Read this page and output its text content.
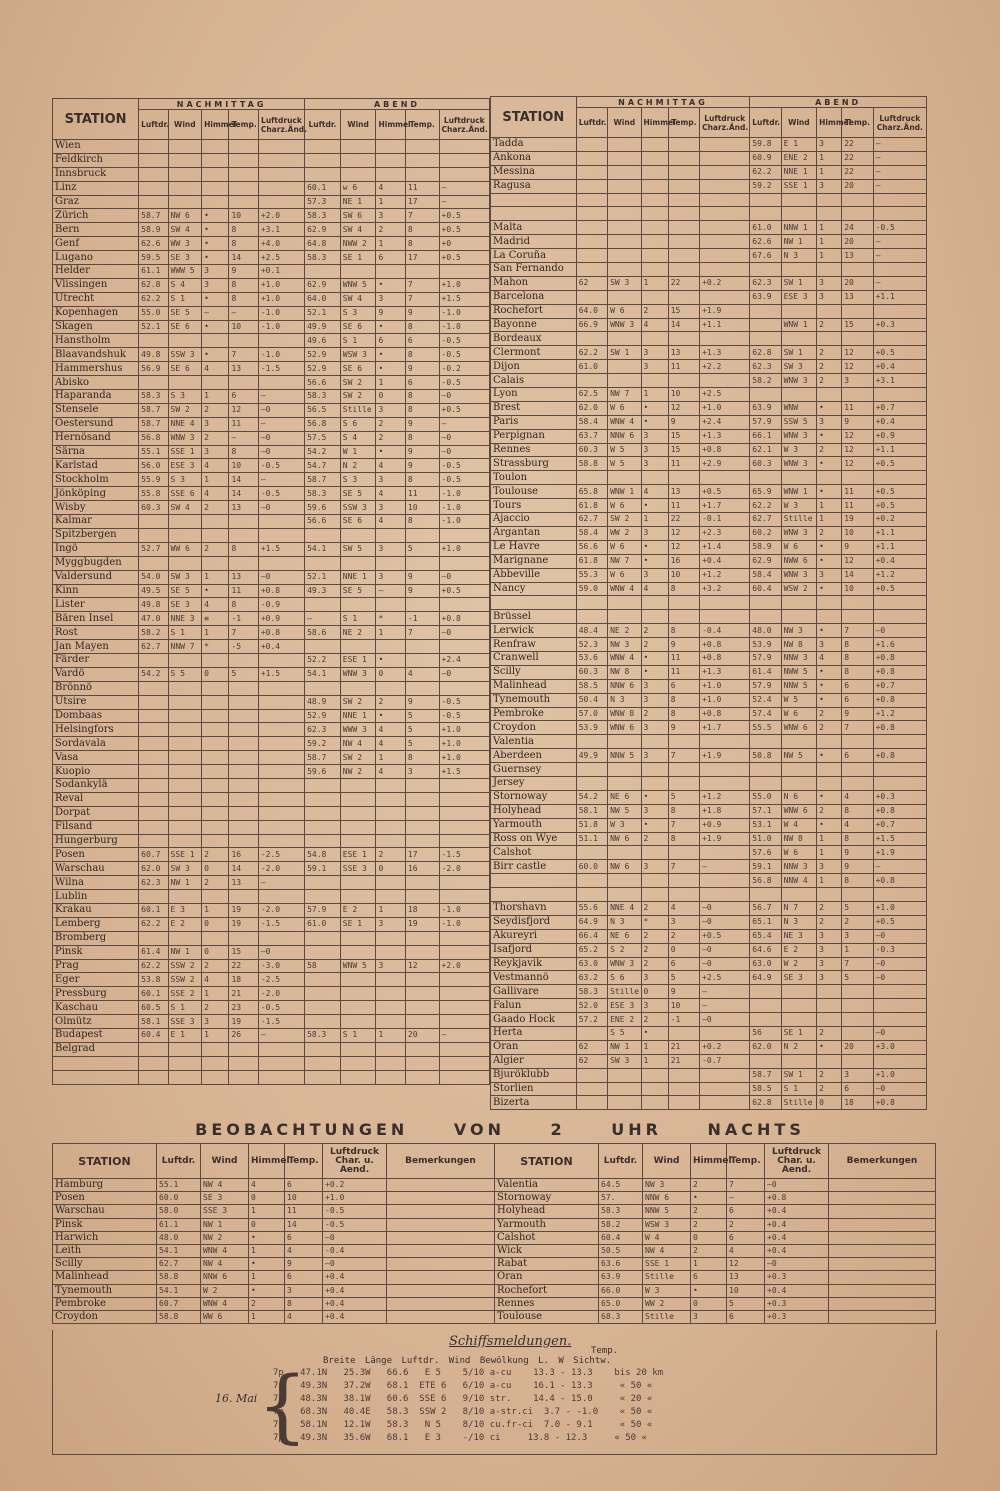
STATION	NACHMITTAG					ABEND				
	Luftdr.	Wind	Himmel	Temp.	Luftdruck Charz.Änd.	Luftdr.	Wind	Himmel	Temp.	Luftdruck Charz.Änd.
Wien										
Feldkirch										
Innsbruck										
Linz						60.1	w 6	4	11	—
Graz						57.3	NE 1	1	17	—
Zürich	58.7	NW 6	•	10	+2.0	58.3	SW 6	3	7	+0.5
Bern	58.9	SW 4	•	8	+3.1	62.9	SW 4	2	8	+0.5
Genf	62.6	WW 3	•	8	+4.0	64.8	NWW 2	1	8	+0
Lugano	59.5	SE 3	•	14	+2.5	58.3	SE 1	6	17	+0.5
Helder	61.1	WWW 5	3	9	+0.1					
Vlissingen	62.8	S 4	3	8	+1.0	62.9	WNW 5	•	7	+1.0
Utrecht	62.2	S 1	•	8	+1.0	64.0	SW 4	3	7	+1.5
Kopenhagen	55.0	SE 5	—	—	-1.0	52.1	S 3	9	9	-1.0
Skagen	52.1	SE 6	•	10	-1.0	49.9	SE 6	•	8	-1.0
Hanstholm						49.6	S 1	6	6	-0.5
Blaavandshuk	49.8	SSW 3	•	7	-1.0	52.9	WSW 3	•	8	-0.5
Hammershus	56.9	SE 6	4	13	-1.5	52.9	SE 6	•	9	-0.2
Abisko						56.6	SW 2	1	6	-0.5
Haparanda	58.3	S 3	1	6	—	58.3	SW 2	0	8	—0
Stensele	58.7	SW 2	2	12	—0	56.5	Stille	3	8	+0.5
Oestersund	58.7	NNE 4	3	11	—	56.8	S 6	2	9	—
Hernösand	56.8	WNW 3	2	—	—0	57.5	S 4	2	8	—0
Särna	55.1	SSE 1	3	8	—0	54.2	W 1	•	9	—0
Karlstad	56.0	ESE 3	4	10	-0.5	54.7	N 2	4	9	-0.5
Stockholm	55.9	S 3	1	14	—	58.7	S 3	3	8	-0.5
Jönköping	55.8	SSE 6	4	14	-0.5	58.3	SE 5	4	11	-1.0
Wisby	60.3	SW 4	2	13	—0	59.6	SSW 3	3	10	-1.0
Kalmar						56.6	SE 6	4	8	-1.0
Spitzbergen										
Ingö	52.7	WW 6	2	8	+1.5	54.1	SW 5	3	5	+1.0
Myggbugden										
Valdersund	54.0	SW 3	1	13	—0	52.1	NNE 1	3	9	—0
Kinn	49.5	SE 5	•	11	+0.8	49.3	SE 5	—	9	+0.5
Lister	49.8	SE 3	4	8	-0.9					
Bären Insel	47.0	NNE 3	≡	-1	+0.9	—	S 1	*	-1	+0.8
Rost	58.2	S 1	1	7	+0.8	58.6	NE 2	1	7	—0
Jan Mayen	62.7	NNW 7	*	-5	+0.4					
Färder						52.2	ESE 1	•		+2.4
Vardö	54.2	S 5	0	5	+1.5	54.1	WNW 3	0	4	—0
Brönnö										
Utsire						48.9	SW 2	2	9	-0.5
Dombaas						52.9	NNE 1	•	5	-0.5
Helsingfors						62.3	WWW 3	4	5	+1.0
Sordavala						59.2	NW 4	4	5	+1.0
Vasa						58.7	SW 2	1	8	+1.0
Kuopio						59.6	NW 2	4	3	+1.5
Sodankylä										
Reval										
Dorpat										
Filsand										
Hungerburg										
Posen	60.7	SSE 1	2	16	-2.5	54.8	ESE 1	2	17	-1.5
Warschau	62.0	SW 3	0	14	-2.0	59.1	SSE 3	0	16	-2.0
Wilna	62.3	NW 1	2	13	—					
Lublin										
Krakau	60.1	E 3	1	19	-2.0	57.9	E 2	1	18	-1.0
Lemberg	62.2	E 2	0	19	-1.5	61.0	SE 1	3	19	-1.0
Bromberg										
Pinsk	61.4	NW 1	0	15	—0					
Prag	62.2	SSW 2	2	22	-3.0	58	WNW 5	3	12	+2.0
Eger	53.8	SSW 2	4	18	-2.5					
Pressburg	60.1	SSE 2	1	21	-2.0					
Kaschau	60.5	S 1	2	23	-0.5					
Olmütz	58.1	SSE 3	3	19	-1.5					
Budapest	60.4	E 1	1	26	—	58.3	S 1	1	20	—
Belgrad										

STATION	NACHMITTAG					ABEND				
	Luftdr.	Wind	Himmel	Temp.	Luftdruck Charz.Änd.	Luftdr.	Wind	Himmel	Temp.	Luftdruck Charz.Änd.
Tadda						59.8	E 1	3	22	—
Ankona						60.9	ENE 2	1	22	—
Messina						62.2	NNE 1	1	22	—
Ragusa						59.2	SSE 1	3	20	—

Malta						61.0	NNW 1	1	24	-0.5
Madrid						62.6	NW 1	1	20	—
La Coruña						67.6	N 3	1	13	—
San Fernando										
Mahon	62	SW 3	1	22	+0.2	62.3	SW 1	3	20	—
Barcelona						63.9	ESE 3	3	13	+1.1
Rochefort	64.0	W 6	2	15	+1.9					
Bayonne	66.9	WNW 3	4	14	+1.1		WNW 1	2	15	+0.3
Bordeaux										
Clermont	62.2	SW 1	3	13	+1.3	62.8	SW 1	2	12	+0.5
Dijon	61.0		3	11	+2.2	62.3	SW 3	2	12	+0.4
Calais						58.2	WNW 3	2	3	+3.1
Lyon	62.5	NW 7	1	10	+2.5					
Brest	62.0	W 6	•	12	+1.0	63.9	WNW	•	11	+0.7
Paris	58.4	WNW 4	•	9	+2.4	57.9	SSW 5	3	9	+0.4
Perpignan	63.7	NNW 6	3	15	+1.3	66.1	WNW 3	•	12	+0.9
Rennes	60.3	W 5	3	15	+0.8	62.1	W 3	2	12	+1.1
Strassburg	58.8	W 5	3	11	+2.9	60.3	WNW 3	•	12	+0.5
Toulon										
Toulouse	65.8	WNW 1	4	13	+0.5	65.9	WNW 1	•	11	+0.5
Tours	61.8	W 6	•	11	+1.7	62.2	W 3	1	11	+0.5
Ajaccio	62.7	SW 2	1	22	-0.1	62.7	Stille	1	19	+0.2
Argantan	58.4	WW 2	3	12	+2.3	60.2	WNW 3	2	10	+1.1
Le Havre	56.6	W 6	•	12	+1.4	58.9	W 6	•	9	+1.1
Marignane	61.8	NW 7	•	16	+0.4	62.9	NWW 6	•	12	+0.4
Abbeville	55.3	W 6	3	10	+1.2	58.4	WNW 3	3	14	+1.2
Nancy	59.0	WNW 4	4	8	+3.2	60.4	WSW 2	•	10	+0.5

Brüssel										
Lerwick	48.4	NE 2	2	8	-0.4	48.0	NW 3	•	7	—0
Renfraw	52.3	NW 3	2	9	+0.8	53.9	NW 8	3	8	+1.6
Cranwell	53.6	WNW 4	•	11	+0.8	57.9	NNW 3	4	8	+0.8
Scilly	60.3	NW 8	•	11	+1.3	61.4	NWW 5	•	8	+0.8
Malinhead	58.5	NNW 6	3	6	+1.0	57.9	NNW 5	•	6	+0.7
Tynemouth	50.4	N 3	3	8	+1.0	52.4	W 5	•	6	+0.8
Pembroke	57.0	WNW 8	2	8	+0.8	57.4	W 6	2	9	+1.2
Croydon	53.9	WNW 6	3	9	+1.7	55.5	WNW 6	2	7	+0.8
Valentia										
Aberdeen	49.9	NNW 5	3	7	+1.9	50.8	NW 5	•	6	+0.8
Guernsey										
Jersey										
Stornoway	54.2	NE 6	•	5	+1.2	55.0	N 6	•	4	+0.3
Holyhead	58.1	NW 5	3	8	+1.8	57.1	WNW 6	2	8	+0.8
Yarmouth	51.8	W 3	•	7	+0.9	53.1	W 4	•	4	+0.7
Ross on Wye	51.1	NW 6	2	8	+1.9	51.0	NW 8	1	8	+1.5
Calshot						57.6	W 6	1	9	+1.9
Birr castle	60.0	NW 6	3	7	—	59.1	NNW 3	3	9	—
						56.8	NNW 4	1	8	+0.8

Thorshavn	55.6	NNE 4	2	4	—0	56.7	N 7	2	5	+1.0
Seydisfjord	64.9	N 3	*	3	—0	65.1	N 3	2	2	+0.5
Akureyri	66.4	NE 6	2	2	+0.5	65.4	NE 3	3	3	—0
Isafjord	65.2	S 2	2	0	—0	64.6	E 2	3	1	-0.3
Reykjavik	63.0	WNW 3	2	6	—0	63.0	W 2	3	7	—0
Vestmannö	63.2	S 6	3	5	+2.5	64.9	SE 3	3	5	—0
Gallivare	58.3	Stille	0	9	—					
Falun	52.0	ESE 3	3	10	—					
Gaado Hock	57.2	ENE 2	2	-1	—0					
Herta		S 5	•			56	SE 1	2		—0
Oran	62	NW 1	1	21	+0.2	62.0	N 2	•	20	+3.0
Algier	62	SW 3	1	21	-0.7					
Bjuröklubb						58.7	SW 1	2	3	+1.0
Storlien						58.5	S 1	2	6	—0
Bizerta						62.8	Stille	0	18	+0.8
BEOBACHTUNGEN VON 2 UHR NACHTS
STATION	Luftdr.	Wind	Himmel	Temp.	Luftdruck Char. u. Aend.	Bemerkungen	STATION	Luftdr.	Wind	Himmel	Temp.	Luftdruck Char. u. Aend.	Bemerkungen
Hamburg	55.1	NW 4	4	6	+0.2		Valentia	64.5	NW 3	2	7	—0	
Posen	60.0	SE 3	0	10	+1.0		Stornoway	57.	NNW 6	•	—	+0.8	
Warschau	58.0	SSE 3	1	11	-0.5		Holyhead	58.3	NNW 5	2	6	+0.4	
Pinsk	61.1	NW 1	0	14	-0.5		Yarmouth	58.2	WSW 3	2	2	+0.4	
Harwich	48.0	NW 2	•	6	—0		Calshot	60.4	W 4	0	6	+0.4	
Leith	54.1	WNW 4	1	4	-0.4		Wick	50.5	NW 4	2	4	+0.4	
Scilly	62.7	NW 4	•	9	—0		Rabat	63.6	SSE 1	1	12	—0	
Malinhead	58.8	NNW 6	1	6	+0.4		Oran	63.9	Stille	6	13	+0.3	
Tynemouth	54.1	W 2	•	3	+0.4		Rochefort	66.0	W 3	•	10	+0.4	
Pembroke	60.7	WNW 4	2	8	+0.4		Rennes	65.0	WW 2	0	5	+0.3	
Croydon	58.8	WW 6	1	4	+0.4		Toulouse	68.3	Stille	3	6	+0.3	
Schiffsmeldungen.
Temp.
Breite Länge Luftdr. Wind Bewölkung L. W Sichtw.
{
16. Mai
7p   47.1N   25.3W   66.6   E 5    5/10 a-cu    13.3 - 13.3    bis 20 km
7p   49.3N   37.2W   68.1  ETE 6   6/10 a-cu    16.1 - 13.3     « 50 «
7p   48.3N   38.1W   60.6  SSE 6   9/10 str.    14.4 - 15.0     « 20 «
7p   68.3N   40.4E   58.3  SSW 2   8/10 a-str.ci  3.7 - -1.0    « 50 «
7p   58.1N   12.1W   58.3   N 5    8/10 cu.fr-ci  7.0 - 9.1     « 50 «
7p   49.3N   35.6W   68.1   E 3    -/10 ci     13.8 - 12.3     « 50 «
